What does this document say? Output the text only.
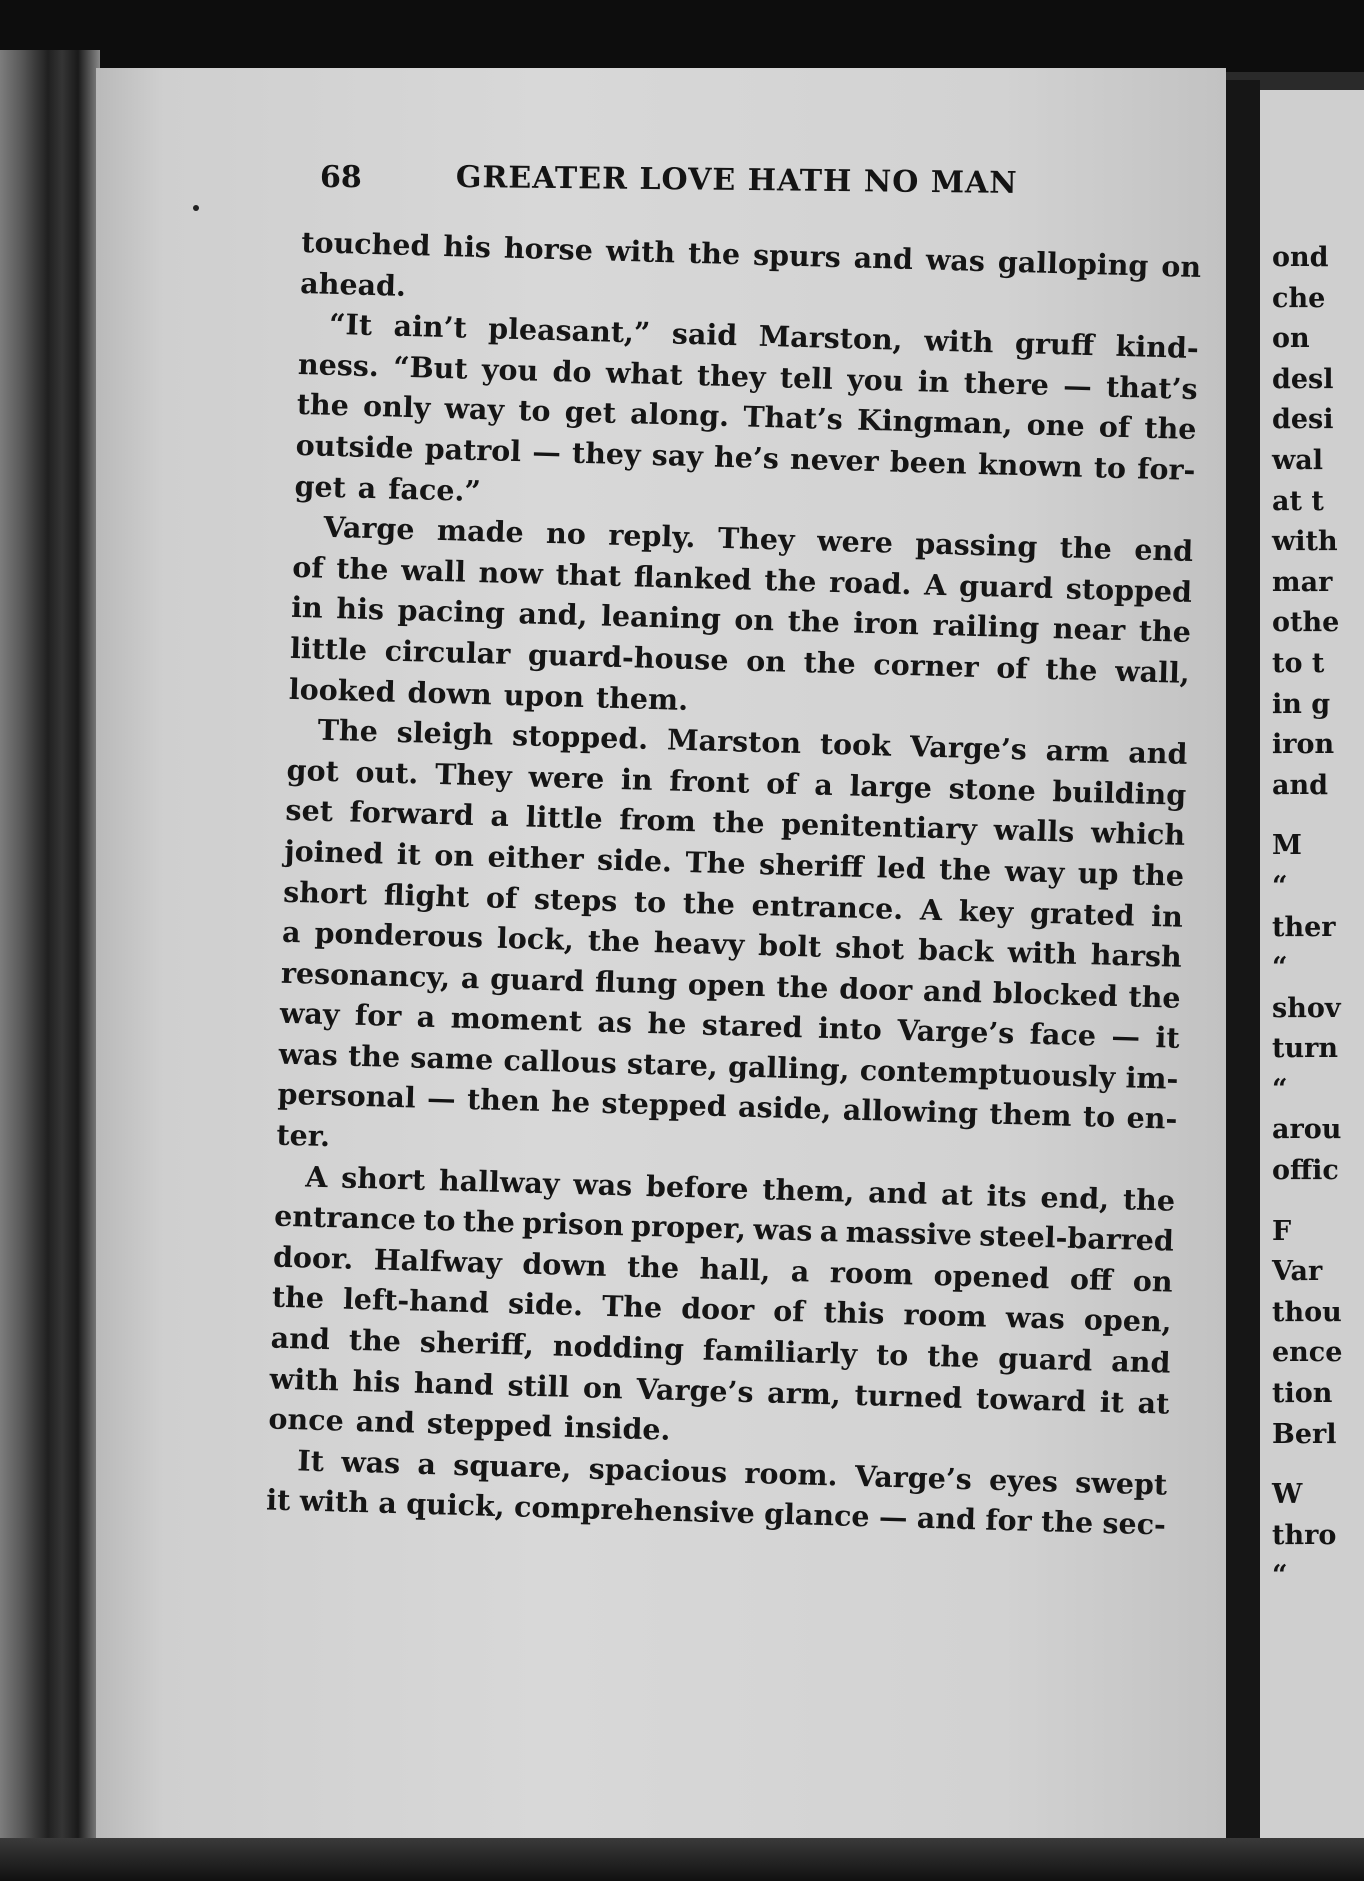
ond
che
on
desl
desi
wal
at t
with
mar
othe
to t
in g
iron
and
M
“
ther
“
shov
turn
“
arou
offic
F
Var
thou
ence
tion
Berl
W
thro
“
68	GREATER LOVE HATH NO MAN
touched his horse with the spurs and was galloping on
ahead.
“It ain’t pleasant,” said Marston, with gruff kind-
ness. “But you do what they tell you in there — that’s
the only way to get along. That’s Kingman, one of the
outside patrol — they say he’s never been known to for-
get a face.”
Varge made no reply. They were passing the end
of the wall now that flanked the road. A guard stopped
in his pacing and, leaning on the iron railing near the
little circular guard-house on the corner of the wall,
looked down upon them.
The sleigh stopped. Marston took Varge’s arm and
got out. They were in front of a large stone building
set forward a little from the penitentiary walls which
joined it on either side. The sheriff led the way up the
short flight of steps to the entrance. A key grated in
a ponderous lock, the heavy bolt shot back with harsh
resonancy, a guard flung open the door and blocked the
way for a moment as he stared into Varge’s face — it
was the same callous stare, galling, contemptuously im-
personal — then he stepped aside, allowing them to en-
ter.
A short hallway was before them, and at its end, the
entrance to the prison proper, was a massive steel-barred
door. Halfway down the hall, a room opened off on
the left-hand side. The door of this room was open,
and the sheriff, nodding familiarly to the guard and
with his hand still on Varge’s arm, turned toward it at
once and stepped inside.
It was a square, spacious room. Varge’s eyes swept
it with a quick, comprehensive glance — and for the sec-
